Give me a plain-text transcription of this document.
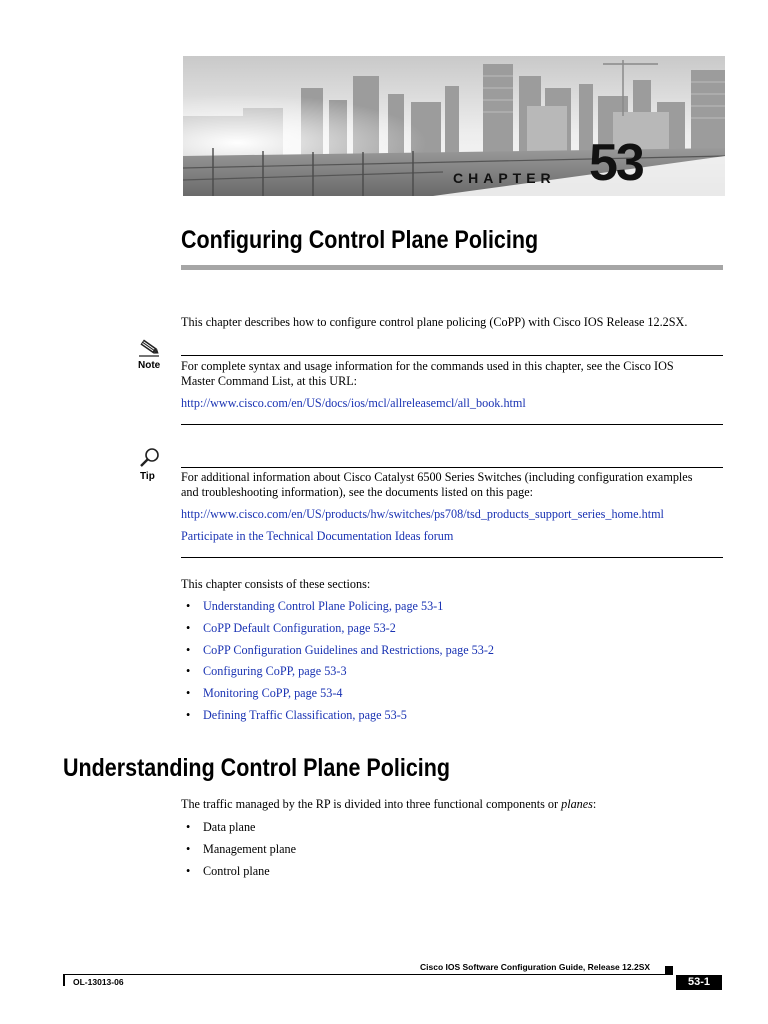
CHAPTER 53
Configuring Control Plane Policing
This chapter describes how to configure control plane policing (CoPP) with Cisco IOS Release 12.2SX.
Note For complete syntax and usage information for the commands used in this chapter, see the Cisco IOS
Master Command List, at this URL:
http://www.cisco.com/en/US/docs/ios/mcl/allreleasemcl/all_book.html
Tip For additional information about Cisco Catalyst 6500 Series Switches (including configuration examples
and troubleshooting information), see the documents listed on this page:
http://www.cisco.com/en/US/products/hw/switches/ps708/tsd_products_support_series_home.html
Participate in the Technical Documentation Ideas forum
This chapter consists of these sections:
• Understanding Control Plane Policing, page 53-1
• CoPP Default Configuration, page 53-2
• CoPP Configuration Guidelines and Restrictions, page 53-2
• Configuring CoPP, page 53-3
• Monitoring CoPP, page 53-4
• Defining Traffic Classification, page 53-5
Understanding Control Plane Policing
The traffic managed by the RP is divided into three functional components or planes:
• Data plane
• Management plane
• Control plane
Cisco IOS Software Configuration Guide, Release 12.2SX
OL-13013-06	53-1
